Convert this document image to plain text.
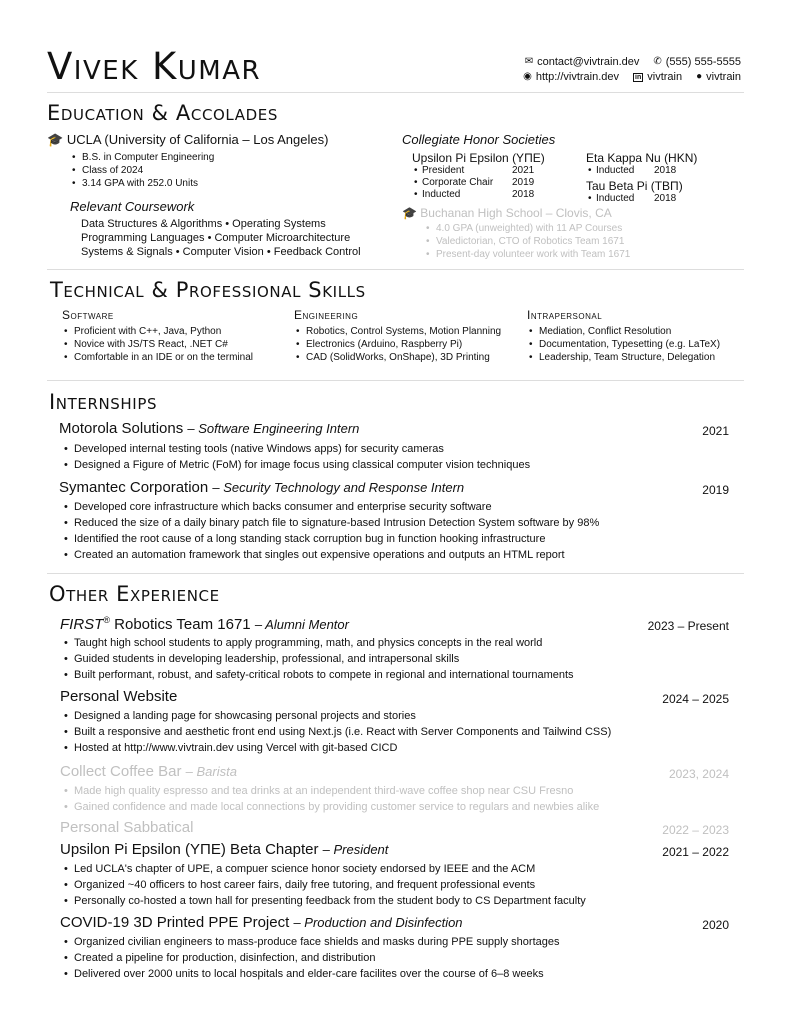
Vivek Kumar	✉ contact@vivtrain.dev ✆ (555) 555-5555
◉ http://vivtrain.dev in vivtrain ● vivtrain
Education & Accolades
🎓 UCLA (University of California – Los Angeles)
• B.S. in Computer Engineering
• Class of 2024
• 3.14 GPA with 252.0 Units
Relevant Coursework
Data Structures & Algorithms • Operating Systems
Programming Languages • Computer Microarchitecture
Systems & Signals • Computer Vision • Feedback Control
Collegiate Honor Societies
Upsilon Pi Epsilon (ΥΠΕ)
• President	2021
• Corporate Chair 2019
• Inducted	2018
Eta Kappa Nu (HKN)
• Inducted 2018
Tau Beta Pi (TBΠ)
• Inducted 2018
🎓 Buchanan High School – Clovis, CA
• 4.0 GPA (unweighted) with 11 AP Courses
• Valedictorian, CTO of Robotics Team 1671
• Present-day volunteer work with Team 1671
Technical & Professional Skills
Software
• Proficient with C++, Java, Python
• Novice with JS/TS React, .NET C#
• Comfortable in an IDE or on the terminal
Engineering
• Robotics, Control Systems, Motion Planning
• Electronics (Arduino, Raspberry Pi)
• CAD (SolidWorks, OnShape), 3D Printing
Intrapersonal
• Mediation, Conflict Resolution
• Documentation, Typesetting (e.g. LaTeX)
• Leadership, Team Structure, Delegation
Internships
Motorola Solutions – Software Engineering Intern	2021
• Developed internal testing tools (native Windows apps) for security cameras
• Designed a Figure of Metric (FoM) for image focus using classical computer vision techniques
Symantec Corporation – Security Technology and Response Intern	2019
• Developed core infrastructure which backs consumer and enterprise security software
• Reduced the size of a daily binary patch file to signature-based Intrusion Detection System software by 98%
• Identified the root cause of a long standing stack corruption bug in function hooking infrastructure
• Created an automation framework that singles out expensive operations and outputs an HTML report
Other Experience
FIRST® Robotics Team 1671 – Alumni Mentor	2023 – Present
• Taught high school students to apply programming, math, and physics concepts in the real world
• Guided students in developing leadership, professional, and intrapersonal skills
• Built performant, robust, and safety-critical robots to compete in regional and international tournaments
Personal Website	2024 – 2025
• Designed a landing page for showcasing personal projects and stories
• Built a responsive and aesthetic front end using Next.js (i.e. React with Server Components and Tailwind CSS)
• Hosted at http://www.vivtrain.dev using Vercel with git-based CICD
Collect Coffee Bar – Barista	2023, 2024
• Made high quality espresso and tea drinks at an independent third-wave coffee shop near CSU Fresno
• Gained confidence and made local connections by providing customer service to regulars and newbies alike
Personal Sabbatical	2022 – 2023
Upsilon Pi Epsilon (ΥΠΕ) Beta Chapter – President	2021 – 2022
• Led UCLA's chapter of UPE, a compuer science honor society endorsed by IEEE and the ACM
• Organized ~40 officers to host career fairs, daily free tutoring, and frequent professional events
• Personally co-hosted a town hall for presenting feedback from the student body to CS Department faculty
COVID-19 3D Printed PPE Project – Production and Disinfection	2020
• Organized civilian engineers to mass-produce face shields and masks during PPE supply shortages
• Created a pipeline for production, disinfection, and distribution
• Delivered over 2000 units to local hospitals and elder-care facilites over the course of 6–8 weeks
